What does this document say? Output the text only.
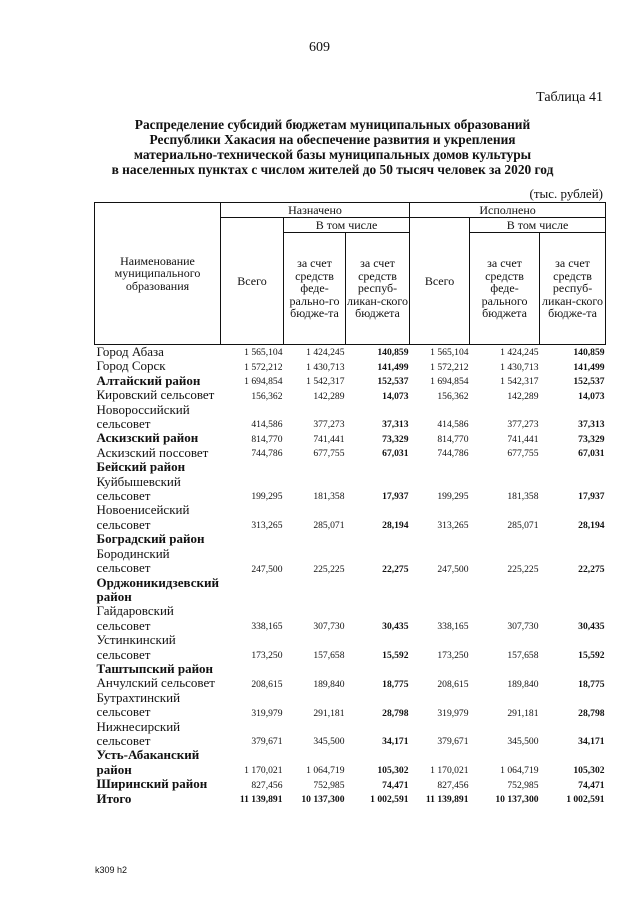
609
Таблица 41
Распределение субсидий бюджетам муниципальных образований
Республики Хакасия на обеспечение развития и укрепления
материально-технической базы муниципальных домов культуры
в населенных пунктах с числом жителей до 50 тысяч человек за 2020 год
(тыс. рублей)
Наименование муниципального образования	Назначено			Исполнено		
	Всего	В том числе		Всего	В том числе	
		за счет средств феде-рально-го бюдже-та	за счет средств респуб-ликан-ского бюджета		за счет средств феде-рального бюджета	за счет средств респуб-ликан-ского бюдже-та
Город Абаза	1 565,104	1 424,245	140,859	1 565,104	1 424,245	140,859
Город Сорск	1 572,212	1 430,713	141,499	1 572,212	1 430,713	141,499
Алтайский район	1 694,854	1 542,317	152,537	1 694,854	1 542,317	152,537
Кировский сельсовет	156,362	142,289	14,073	156,362	142,289	14,073
Новороссийский сельсовет	414,586	377,273	37,313	414,586	377,273	37,313
Аскизский район	814,770	741,441	73,329	814,770	741,441	73,329
Аскизский поссовет	744,786	677,755	67,031	744,786	677,755	67,031
Бейский район						
Куйбышевский сельсовет	199,295	181,358	17,937	199,295	181,358	17,937
Новоенисейский сельсовет	313,265	285,071	28,194	313,265	285,071	28,194
Боградский район						
Бородинский сельсовет	247,500	225,225	22,275	247,500	225,225	22,275
Орджоникидзевский район						
Гайдаровский сельсовет	338,165	307,730	30,435	338,165	307,730	30,435
Устинкинский сельсовет	173,250	157,658	15,592	173,250	157,658	15,592
Таштыпский район						
Анчулский сельсовет	208,615	189,840	18,775	208,615	189,840	18,775
Бутрахтинский сельсовет	319,979	291,181	28,798	319,979	291,181	28,798
Нижнесирский сельсовет	379,671	345,500	34,171	379,671	345,500	34,171
Усть-Абаканский район	1 170,021	1 064,719	105,302	1 170,021	1 064,719	105,302
Ширинский район	827,456	752,985	74,471	827,456	752,985	74,471
Итого	11 139,891	10 137,300	1 002,591	11 139,891	10 137,300	1 002,591
k309 h2
